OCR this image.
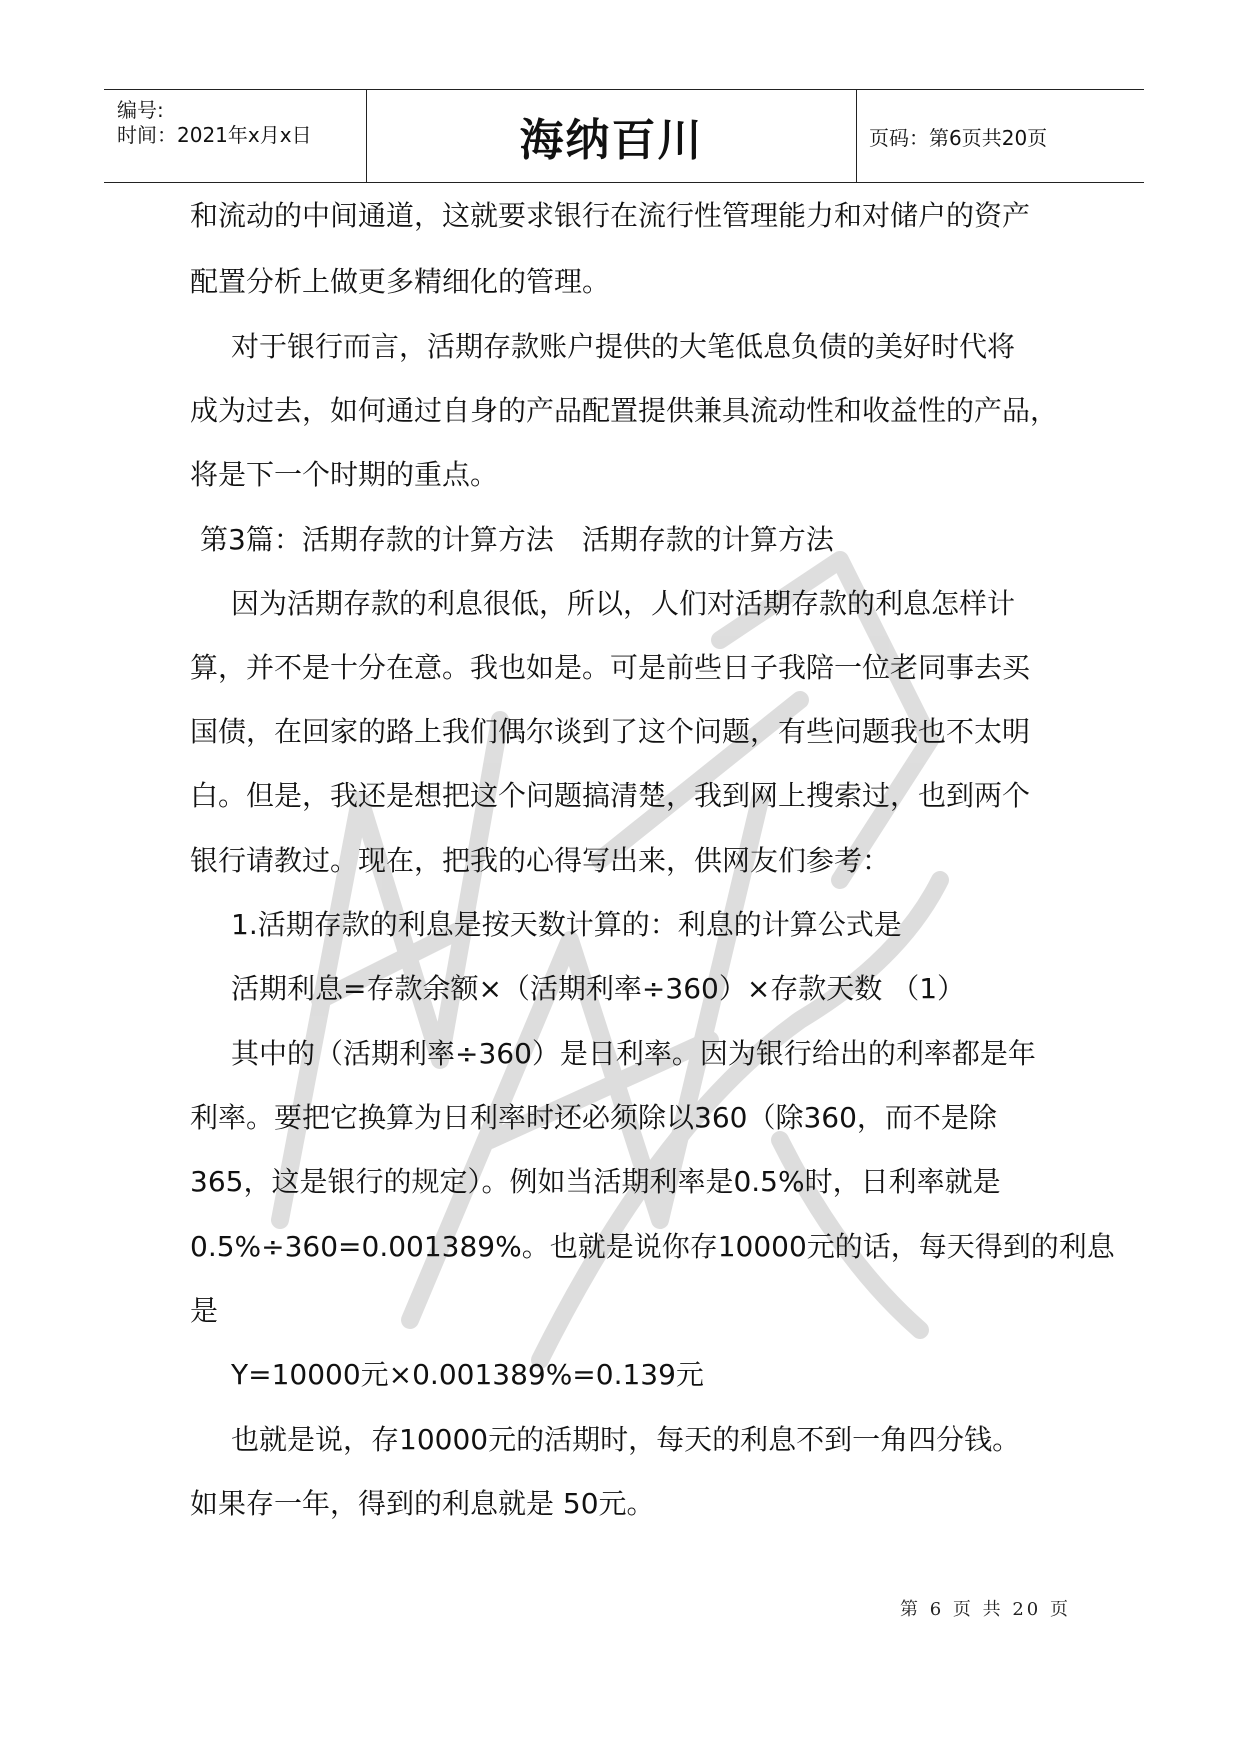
编号:
时间：2021年x月x日	海纳百川	页码：第6页共20页
和流动的中间通道，这就要求银行在流行性管理能力和对储户的资产
配置分析上做更多精细化的管理。
对于银行而言，活期存款账户提供的大笔低息负债的美好时代将
成为过去，如何通过自身的产品配置提供兼具流动性和收益性的产品，
将是下一个时期的重点。
第3篇：活期存款的计算方法　活期存款的计算方法
因为活期存款的利息很低，所以，人们对活期存款的利息怎样计
算，并不是十分在意。我也如是。可是前些日子我陪一位老同事去买
国债，在回家的路上我们偶尔谈到了这个问题，有些问题我也不太明
白。但是，我还是想把这个问题搞清楚，我到网上搜索过，也到两个
银行请教过。现在，把我的心得写出来，供网友们参考：
1.活期存款的利息是按天数计算的：利息的计算公式是
活期利息=存款余额×（活期利率÷360）×存款天数 （1）
其中的（活期利率÷360）是日利率。因为银行给出的利率都是年
利率。要把它换算为日利率时还必须除以360（除360，而不是除
365，这是银行的规定）。例如当活期利率是0.5%时，日利率就是
0.5%÷360=0.001389%。也就是说你存10000元的话，每天得到的利息
是
Y=10000元×0.001389%=0.139元
也就是说，存10000元的活期时，每天的利息不到一角四分钱。
如果存一年，得到的利息就是 50元。
第 6 页 共 20 页
